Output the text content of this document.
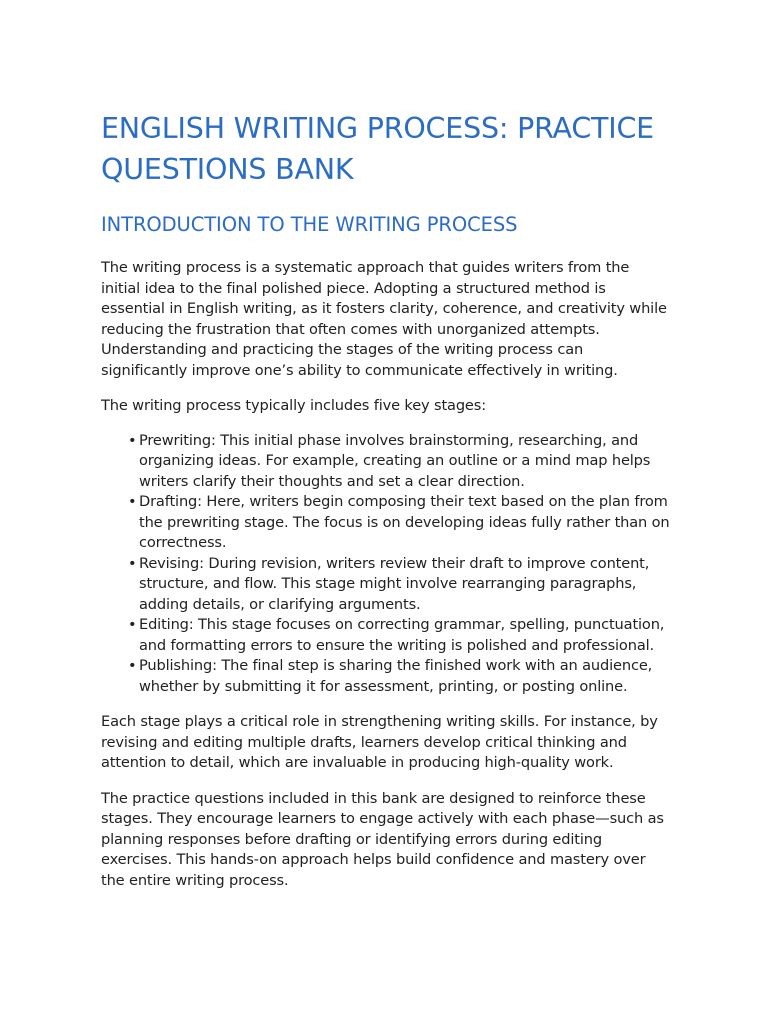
ENGLISH WRITING PROCESS: PRACTICE QUESTIONS BANK
INTRODUCTION TO THE WRITING PROCESS

The writing process is a systematic approach that guides writers from the initial idea to the final polished piece. Adopting a structured method is essential in English writing, as it fosters clarity, coherence, and creativity while reducing the frustration that often comes with unorganized attempts. Understanding and practicing the stages of the writing process can significantly improve one’s ability to communicate effectively in writing.

The writing process typically includes five key stages:

• Prewriting: This initial phase involves brainstorming, researching, and organizing ideas. For example, creating an outline or a mind map helps writers clarify their thoughts and set a clear direction.
• Drafting: Here, writers begin composing their text based on the plan from the prewriting stage. The focus is on developing ideas fully rather than on correctness.
• Revising: During revision, writers review their draft to improve content, structure, and flow. This stage might involve rearranging paragraphs, adding details, or clarifying arguments.
• Editing: This stage focuses on correcting grammar, spelling, punctuation, and formatting errors to ensure the writing is polished and professional.
• Publishing: The final step is sharing the finished work with an audience, whether by submitting it for assessment, printing, or posting online.

Each stage plays a critical role in strengthening writing skills. For instance, by revising and editing multiple drafts, learners develop critical thinking and attention to detail, which are invaluable in producing high-quality work.

The practice questions included in this bank are designed to reinforce these stages. They encourage learners to engage actively with each phase—such as planning responses before drafting or identifying errors during editing exercises. This hands-on approach helps build confidence and mastery over the entire writing process.
